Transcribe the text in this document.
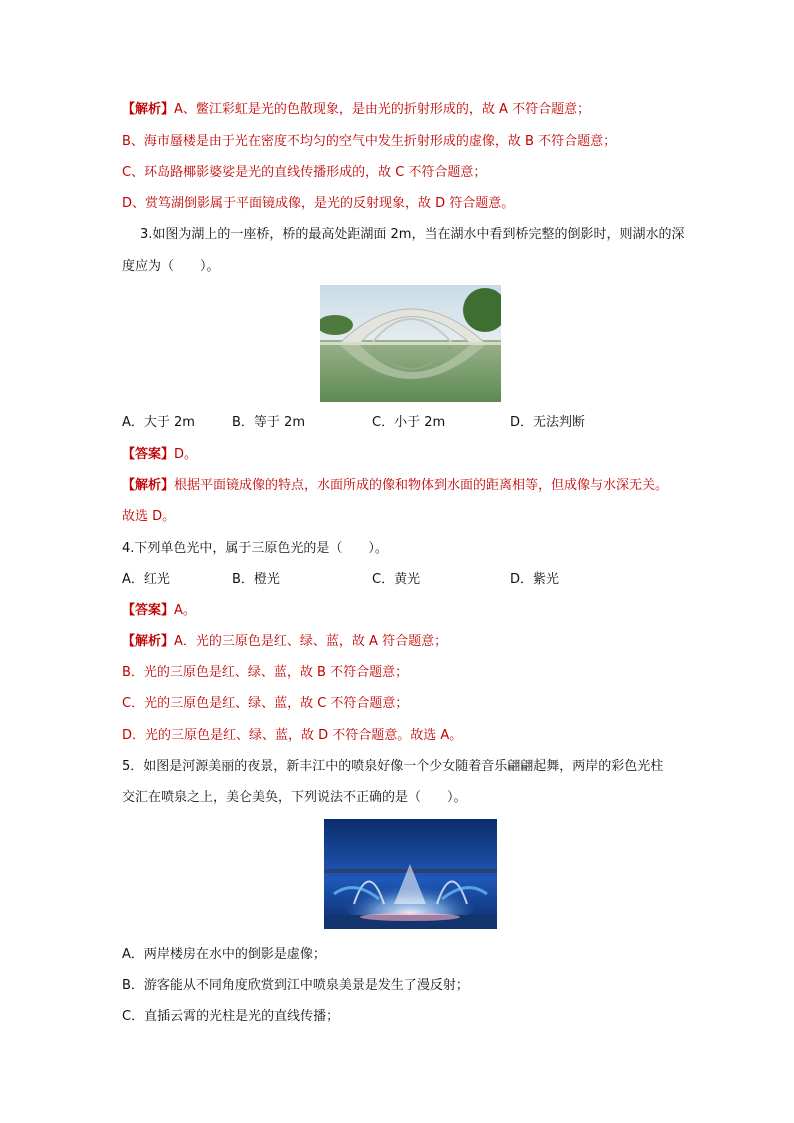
【解析】A、鳖江彩虹是光的色散现象，是由光的折射形成的，故 A 不符合题意；
B、海市蜃楼是由于光在密度不均匀的空气中发生折射形成的虚像，故 B 不符合题意；
C、环岛路椰影婆娑是光的直线传播形成的，故 C 不符合题意；
D、赏笃湖倒影属于平面镜成像，是光的反射现象，故 D 符合题意。
3.如图为湖上的一座桥，桥的最高处距湖面 2m，当在湖水中看到桥完整的倒影时，则湖水的深
度应为（　　）。
A．大于 2m	B．等于 2m	C．小于 2m	D．无法判断
【答案】D。
【解析】根据平面镜成像的特点，水面所成的像和物体到水面的距离相等，但成像与水深无关。
故选 D。
4.下列单色光中，属于三原色光的是（　　）。
A．红光	B．橙光	C．黄光	D．紫光
【答案】A。
【解析】A．光的三原色是红、绿、蓝，故 A 符合题意；
B．光的三原色是红、绿、蓝，故 B 不符合题意；
C．光的三原色是红、绿、蓝，故 C 不符合题意；
D．光的三原色是红、绿、蓝，故 D 不符合题意。故选 A。
5．如图是河源美丽的夜景，新丰江中的喷泉好像一个少女随着音乐翩翩起舞，两岸的彩色光柱
交汇在喷泉之上，美仑美奂，下列说法不正确的是（　　）。
A．两岸楼房在水中的倒影是虚像；
B．游客能从不同角度欣赏到江中喷泉美景是发生了漫反射；
C．直插云霄的光柱是光的直线传播；
